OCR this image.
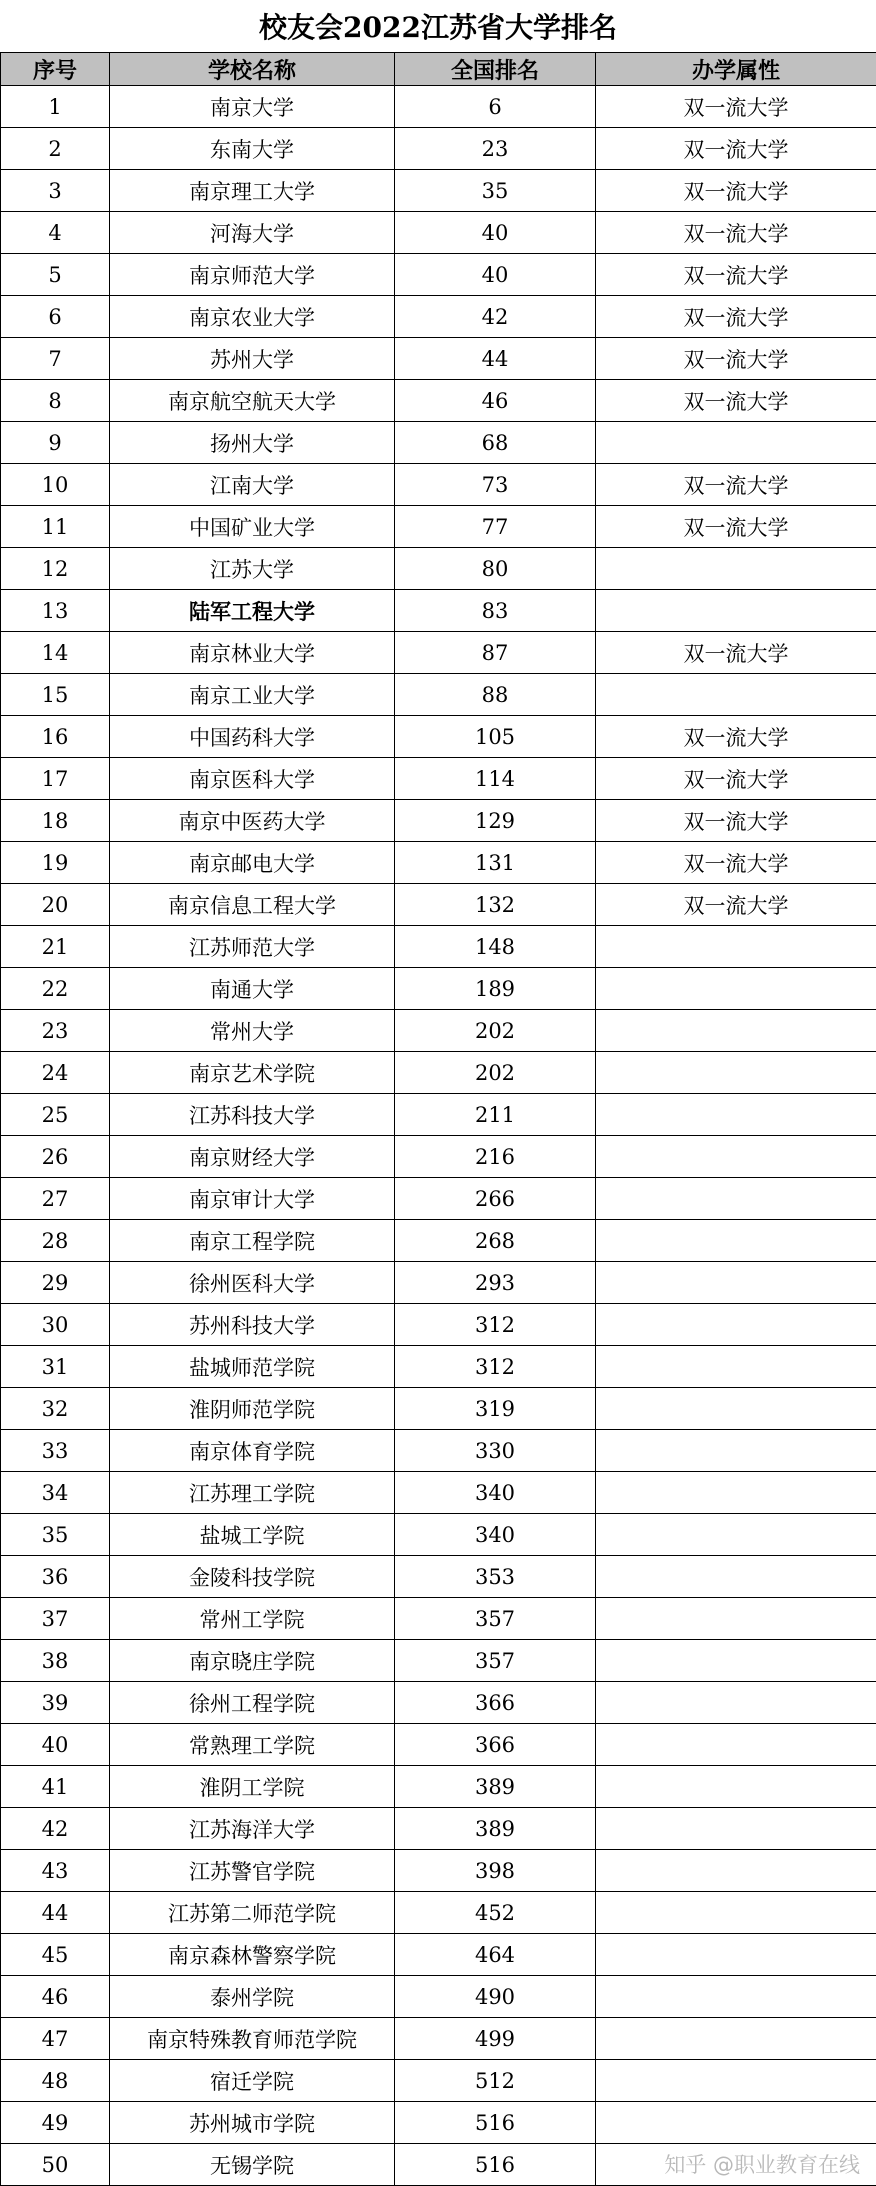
校友会2022江苏省大学排名
序号	学校名称	全国排名	办学属性
1	南京大学	6	双一流大学
2	东南大学	23	双一流大学
3	南京理工大学	35	双一流大学
4	河海大学	40	双一流大学
5	南京师范大学	40	双一流大学
6	南京农业大学	42	双一流大学
7	苏州大学	44	双一流大学
8	南京航空航天大学	46	双一流大学
9	扬州大学	68	
10	江南大学	73	双一流大学
11	中国矿业大学	77	双一流大学
12	江苏大学	80	
13	陆军工程大学	83	
14	南京林业大学	87	双一流大学
15	南京工业大学	88	
16	中国药科大学	105	双一流大学
17	南京医科大学	114	双一流大学
18	南京中医药大学	129	双一流大学
19	南京邮电大学	131	双一流大学
20	南京信息工程大学	132	双一流大学
21	江苏师范大学	148	
22	南通大学	189	
23	常州大学	202	
24	南京艺术学院	202	
25	江苏科技大学	211	
26	南京财经大学	216	
27	南京审计大学	266	
28	南京工程学院	268	
29	徐州医科大学	293	
30	苏州科技大学	312	
31	盐城师范学院	312	
32	淮阴师范学院	319	
33	南京体育学院	330	
34	江苏理工学院	340	
35	盐城工学院	340	
36	金陵科技学院	353	
37	常州工学院	357	
38	南京晓庄学院	357	
39	徐州工程学院	366	
40	常熟理工学院	366	
41	淮阴工学院	389	
42	江苏海洋大学	389	
43	江苏警官学院	398	
44	江苏第二师范学院	452	
45	南京森林警察学院	464	
46	泰州学院	490	
47	南京特殊教育师范学院	499	
48	宿迁学院	512	
49	苏州城市学院	516	
50	无锡学院	516		知乎 @职业教育在线
